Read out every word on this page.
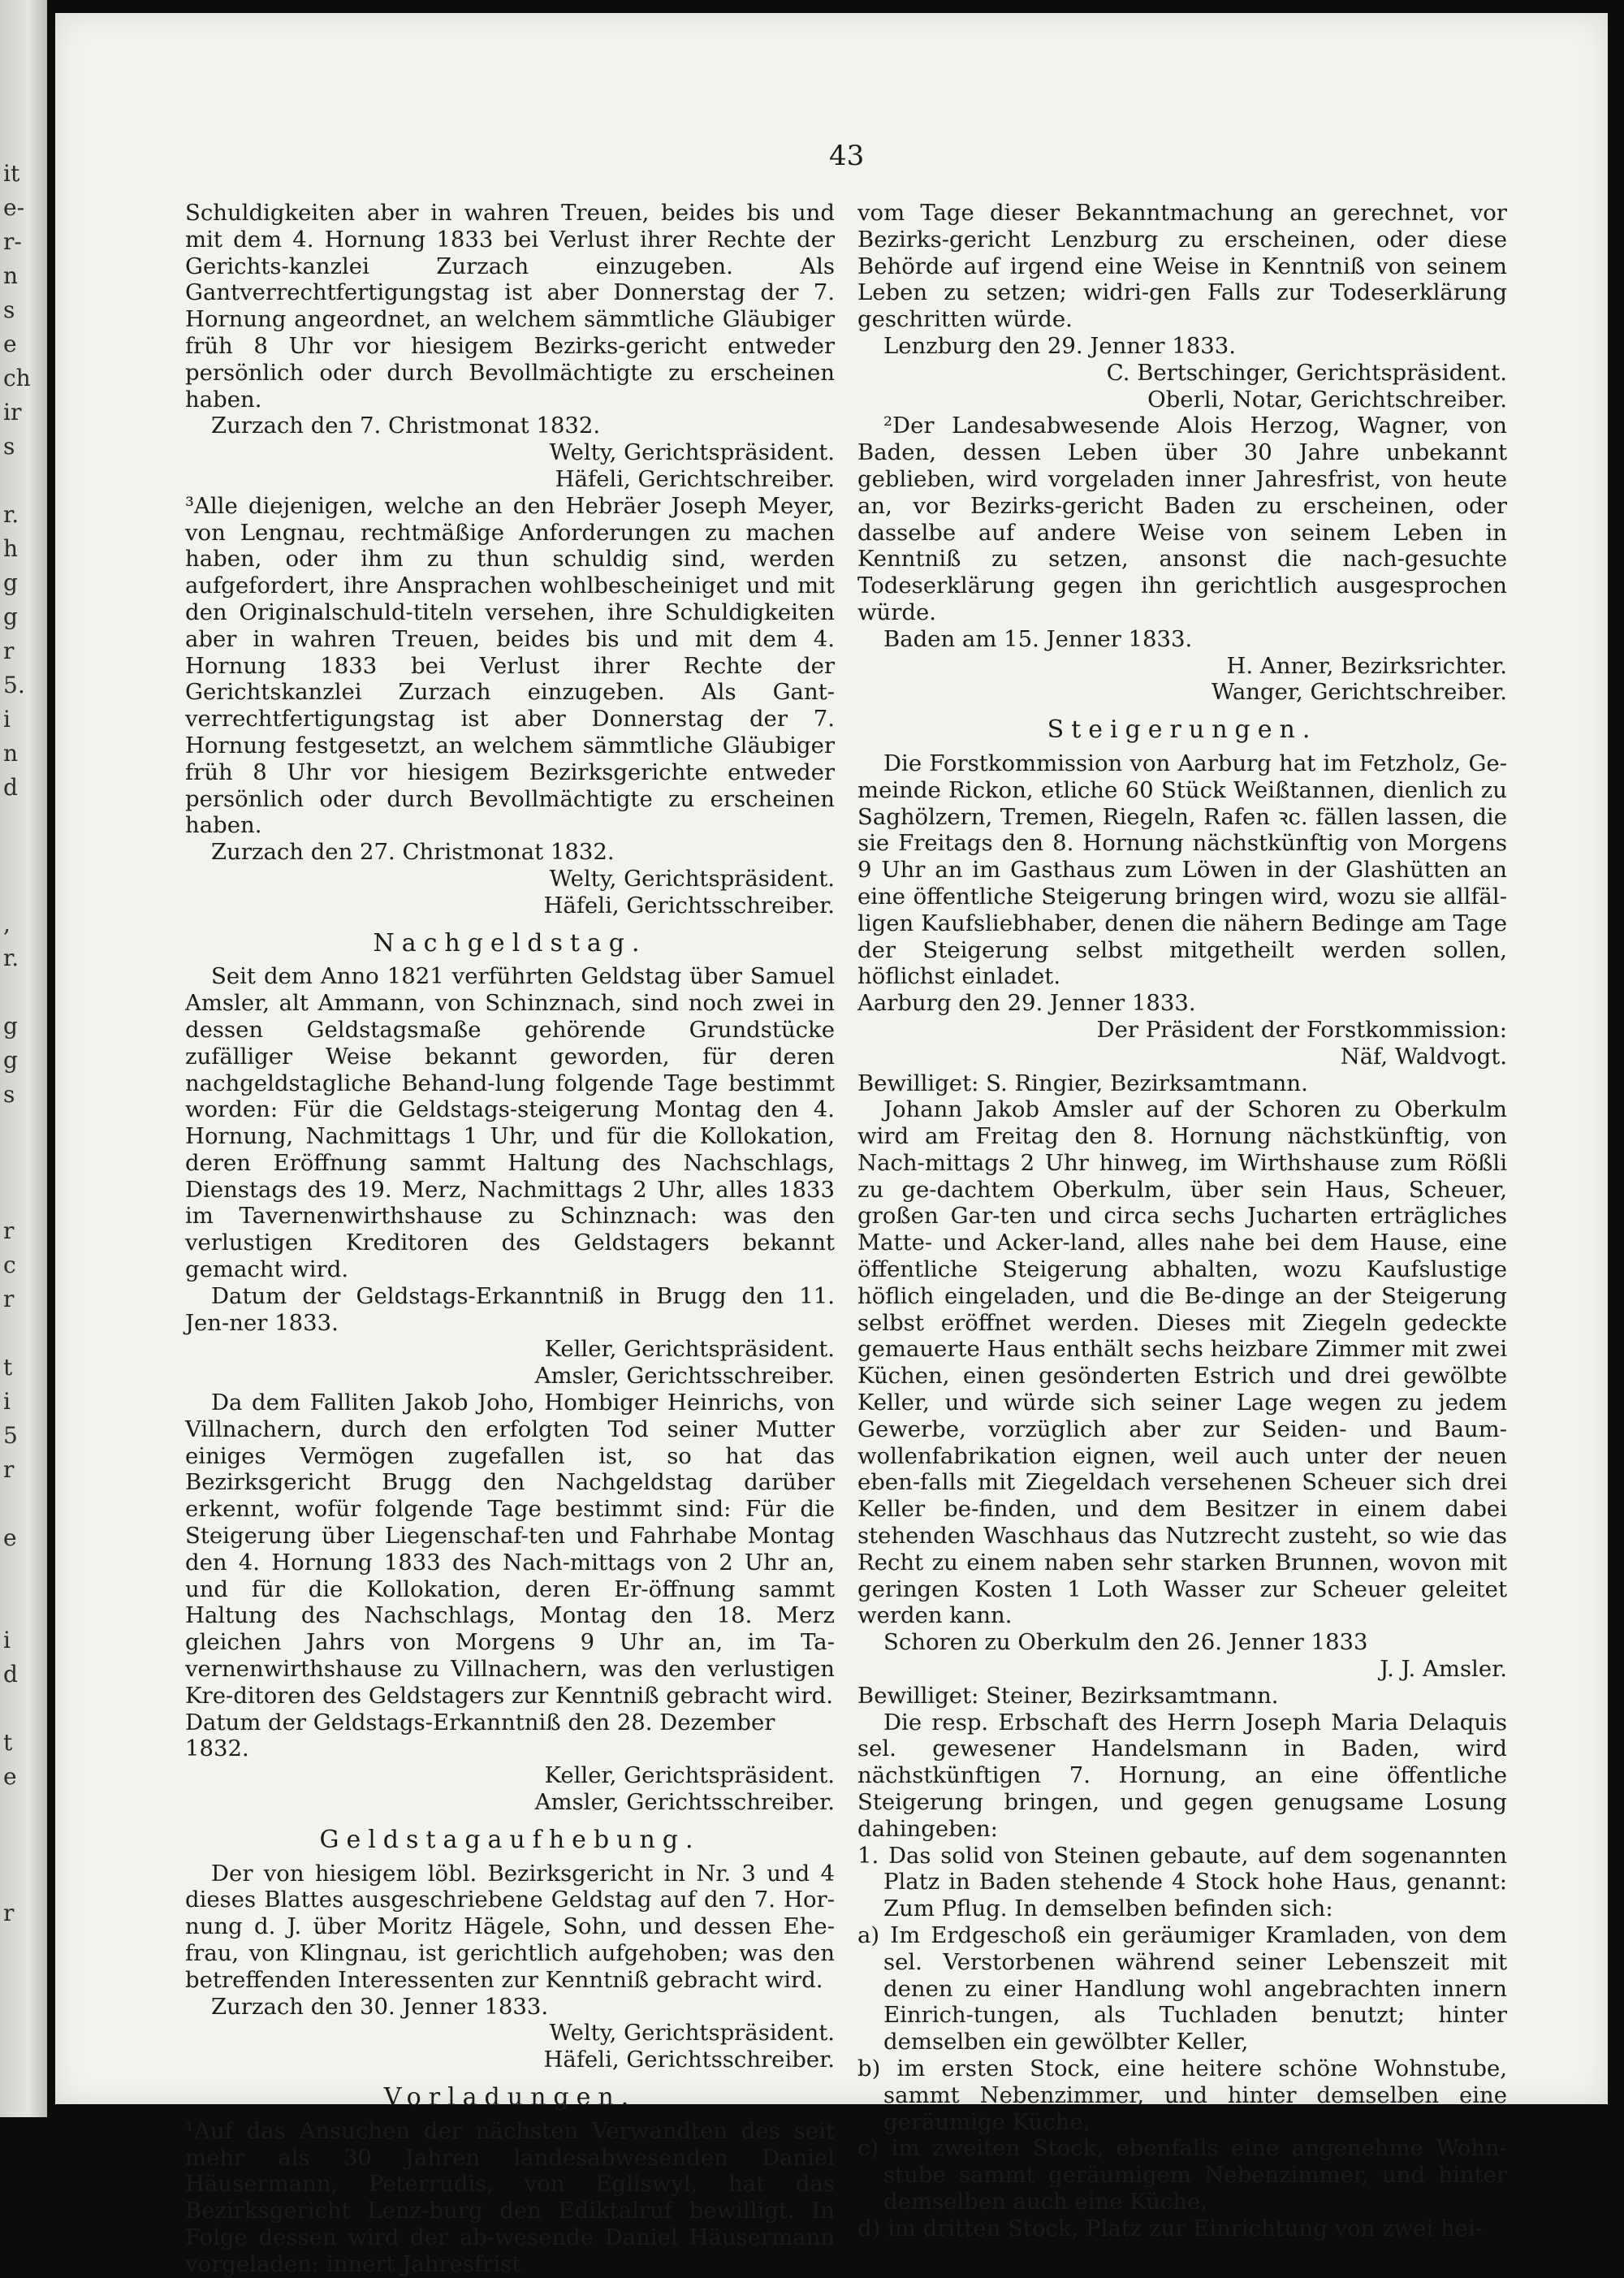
it
e-
r-
n
s
e
ch
ir
s
r.
h
g
g
r
5.
i
n
d
,
r.
g
g
s
r
c
r
t
i
5
r
e
i
d
t
e
r
43

Schuldigkeiten aber in wahren Treuen, beides bis und mit dem 4. Hornung 1833 bei Verlust ihrer Rechte der Gerichts-kanzlei Zurzach einzugeben. Als Gantverrechtfertigungstag ist aber Donnerstag der 7. Hornung angeordnet, an welchem sämmtliche Gläubiger früh 8 Uhr vor hiesigem Bezirks-gericht entweder persönlich oder durch Bevollmächtigte zu erscheinen haben.

Zurzach den 7. Christmonat 1832.

Welty, Gerichtspräsident.

Häfeli, Gerichtschreiber.

³Alle diejenigen, welche an den Hebräer Joseph Meyer, von Lengnau, rechtmäßige Anforderungen zu machen haben, oder ihm zu thun schuldig sind, werden aufgefordert, ihre Ansprachen wohlbescheiniget und mit den Originalschuld-titeln versehen, ihre Schuldigkeiten aber in wahren Treuen, beides bis und mit dem 4. Hornung 1833 bei Verlust ihrer Rechte der Gerichtskanzlei Zurzach einzugeben. Als Gant-verrechtfertigungstag ist aber Donnerstag der 7. Hornung festgesetzt, an welchem sämmtliche Gläubiger früh 8 Uhr vor hiesigem Bezirksgerichte entweder persönlich oder durch Bevollmächtigte zu erscheinen haben.

Zurzach den 27. Christmonat 1832.

Welty, Gerichtspräsident.

Häfeli, Gerichtsschreiber.

Nachgeldstag.

Seit dem Anno 1821 verführten Geldstag über Samuel Amsler, alt Ammann, von Schinznach, sind noch zwei in dessen Geldstagsmaße gehörende Grundstücke zufälliger Weise bekannt geworden, für deren nachgeldstagliche Behand-lung folgende Tage bestimmt worden: Für die Geldstags-steigerung Montag den 4. Hornung, Nachmittags 1 Uhr, und für die Kollokation, deren Eröffnung sammt Haltung des Nachschlags, Dienstags des 19. Merz, Nachmittags 2 Uhr, alles 1833 im Tavernenwirthshause zu Schinznach: was den verlustigen Kreditoren des Geldstagers bekannt gemacht wird.

Datum der Geldstags-Erkanntniß in Brugg den 11. Jen-ner 1833.

Keller, Gerichtspräsident.

Amsler, Gerichtsschreiber.

Da dem Falliten Jakob Joho, Hombiger Heinrichs, von Villnachern, durch den erfolgten Tod seiner Mutter einiges Vermögen zugefallen ist, so hat das Bezirksgericht Brugg den Nachgeldstag darüber erkennt, wofür folgende Tage bestimmt sind: Für die Steigerung über Liegenschaf-ten und Fahrhabe Montag den 4. Hornung 1833 des Nach-mittags von 2 Uhr an, und für die Kollokation, deren Er-öffnung sammt Haltung des Nachschlags, Montag den 18. Merz gleichen Jahrs von Morgens 9 Uhr an, im Ta-vernenwirthshause zu Villnachern, was den verlustigen Kre-ditoren des Geldstagers zur Kenntniß gebracht wird.

Datum der Geldstags-Erkanntniß den 28. Dezember 1832.

Keller, Gerichtspräsident.

Amsler, Gerichtsschreiber.

Geldstagaufhebung.

Der von hiesigem löbl. Bezirksgericht in Nr. 3 und 4 dieses Blattes ausgeschriebene Geldstag auf den 7. Hor-nung d. J. über Moritz Hägele, Sohn, und dessen Ehe-frau, von Klingnau, ist gerichtlich aufgehoben; was den betreffenden Interessenten zur Kenntniß gebracht wird.

Zurzach den 30. Jenner 1833.

Welty, Gerichtspräsident.

Häfeli, Gerichtsschreiber.

Vorladungen.

¹Auf das Ansuchen der nächsten Verwandten des seit mehr als 30 Jahren landesabwesenden Daniel Häusermann, Peterrudis, von Egliswyl, hat das Bezirksgericht Lenz-burg den Ediktalruf bewilligt. In Folge dessen wird der ab-wesende Daniel Häusermann vorgeladen: innert Jahresfrist

vom Tage dieser Bekanntmachung an gerechnet, vor Bezirks-gericht Lenzburg zu erscheinen, oder diese Behörde auf irgend eine Weise in Kenntniß von seinem Leben zu setzen; widri-gen Falls zur Todeserklärung geschritten würde.

Lenzburg den 29. Jenner 1833.

C. Bertschinger, Gerichtspräsident.

Oberli, Notar, Gerichtschreiber.

²Der Landesabwesende Alois Herzog, Wagner, von Baden, dessen Leben über 30 Jahre unbekannt geblieben, wird vorgeladen inner Jahresfrist, von heute an, vor Bezirks-gericht Baden zu erscheinen, oder dasselbe auf andere Weise von seinem Leben in Kenntniß zu setzen, ansonst die nach-gesuchte Todeserklärung gegen ihn gerichtlich ausgesprochen würde.

Baden am 15. Jenner 1833.

H. Anner, Bezirksrichter.

Wanger, Gerichtschreiber.

Steigerungen.

Die Forstkommission von Aarburg hat im Fetzholz, Ge-meinde Rickon, etliche 60 Stück Weißtannen, dienlich zu Saghölzern, Tremen, Riegeln, Rafen ꝛc. fällen lassen, die sie Freitags den 8. Hornung nächstkünftig von Morgens 9 Uhr an im Gasthaus zum Löwen in der Glashütten an eine öffentliche Steigerung bringen wird, wozu sie allfäl-ligen Kaufsliebhaber, denen die nähern Bedinge am Tage der Steigerung selbst mitgetheilt werden sollen, höflichst einladet.

Aarburg den 29. Jenner 1833.

Der Präsident der Forstkommission:

Näf, Waldvogt.

Bewilliget: S. Ringier, Bezirksamtmann.

Johann Jakob Amsler auf der Schoren zu Oberkulm wird am Freitag den 8. Hornung nächstkünftig, von Nach-mittags 2 Uhr hinweg, im Wirthshause zum Rößli zu ge-dachtem Oberkulm, über sein Haus, Scheuer, großen Gar-ten und circa sechs Jucharten erträgliches Matte- und Acker-land, alles nahe bei dem Hause, eine öffentliche Steigerung abhalten, wozu Kaufslustige höflich eingeladen, und die Be-dinge an der Steigerung selbst eröffnet werden. Dieses mit Ziegeln gedeckte gemauerte Haus enthält sechs heizbare Zimmer mit zwei Küchen, einen gesönderten Estrich und drei gewölbte Keller, und würde sich seiner Lage wegen zu jedem Gewerbe, vorzüglich aber zur Seiden- und Baum-wollenfabrikation eignen, weil auch unter der neuen eben-falls mit Ziegeldach versehenen Scheuer sich drei Keller be-finden, und dem Besitzer in einem dabei stehenden Waschhaus das Nutzrecht zusteht, so wie das Recht zu einem naben sehr starken Brunnen, wovon mit geringen Kosten 1 Loth Wasser zur Scheuer geleitet werden kann.

Schoren zu Oberkulm den 26. Jenner 1833

J. J. Amsler.

Bewilliget: Steiner, Bezirksamtmann.

Die resp. Erbschaft des Herrn Joseph Maria Delaquis sel. gewesener Handelsmann in Baden, wird nächstkünftigen 7. Hornung, an eine öffentliche Steigerung bringen, und gegen genugsame Losung dahingeben:

1. Das solid von Steinen gebaute, auf dem sogenannten Platz in Baden stehende 4 Stock hohe Haus, genannt: Zum Pflug. In demselben befinden sich:

a) Im Erdgeschoß ein geräumiger Kramladen, von dem sel. Verstorbenen während seiner Lebenszeit mit denen zu einer Handlung wohl angebrachten innern Einrich-tungen, als Tuchladen benutzt; hinter demselben ein gewölbter Keller,

b) im ersten Stock, eine heitere schöne Wohnstube, sammt Nebenzimmer, und hinter demselben eine geräumige Küche,

c) im zweiten Stock, ebenfalls eine angenehme Wohn-stube sammt geräumigem Nebenzimmer, und hinter demselben auch eine Küche,

d) im dritten Stock, Platz zur Einrichtung von zwei hei-
